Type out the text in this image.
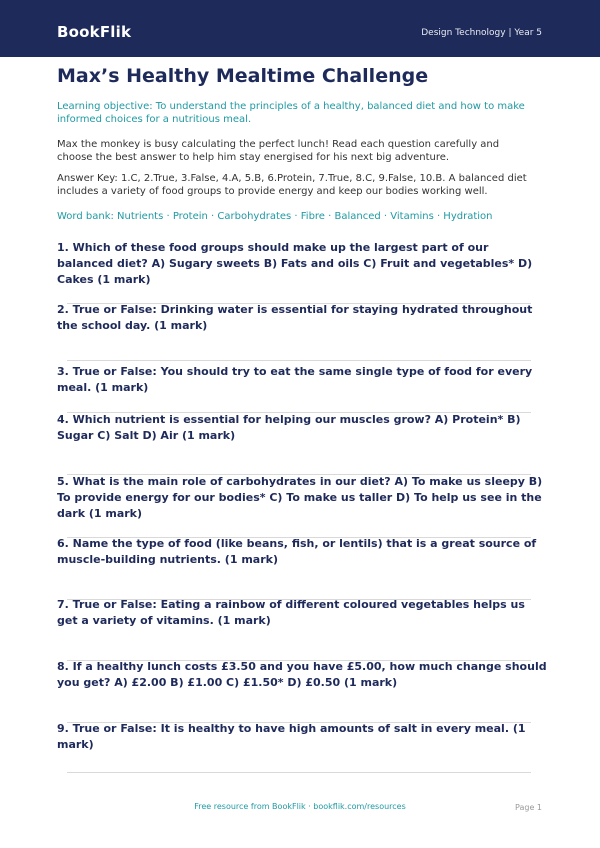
BookFlik	Design Technology | Year 5
Max’s Healthy Mealtime Challenge
Learning objective: To understand the principles of a healthy, balanced diet and how to make informed choices for a nutritious meal.
Max the monkey is busy calculating the perfect lunch! Read each question carefully and choose the best answer to help him stay energised for his next big adventure.
Answer Key: 1.C, 2.True, 3.False, 4.A, 5.B, 6.Protein, 7.True, 8.C, 9.False, 10.B. A balanced diet includes a variety of food groups to provide energy and keep our bodies working well.
Word bank: Nutrients · Protein · Carbohydrates · Fibre · Balanced · Vitamins · Hydration
1. Which of these food groups should make up the largest part of our balanced diet? A) Sugary sweets B) Fats and oils C) Fruit and vegetables* D) Cakes (1 mark)
2. True or False: Drinking water is essential for staying hydrated throughout the school day. (1 mark)
3. True or False: You should try to eat the same single type of food for every meal. (1 mark)
4. Which nutrient is essential for helping our muscles grow? A) Protein* B) Sugar C) Salt D) Air (1 mark)
5. What is the main role of carbohydrates in our diet? A) To make us sleepy B) To provide energy for our bodies* C) To make us taller D) To help us see in the dark (1 mark)
6. Name the type of food (like beans, fish, or lentils) that is a great source of muscle-building nutrients. (1 mark)
7. True or False: Eating a rainbow of different coloured vegetables helps us get a variety of vitamins. (1 mark)
8. If a healthy lunch costs £3.50 and you have £5.00, how much change should you get? A) £2.00 B) £1.00 C) £1.50* D) £0.50 (1 mark)
9. True or False: It is healthy to have high amounts of salt in every meal. (1 mark)
Free resource from BookFlik · bookflik.com/resources	Page 1
